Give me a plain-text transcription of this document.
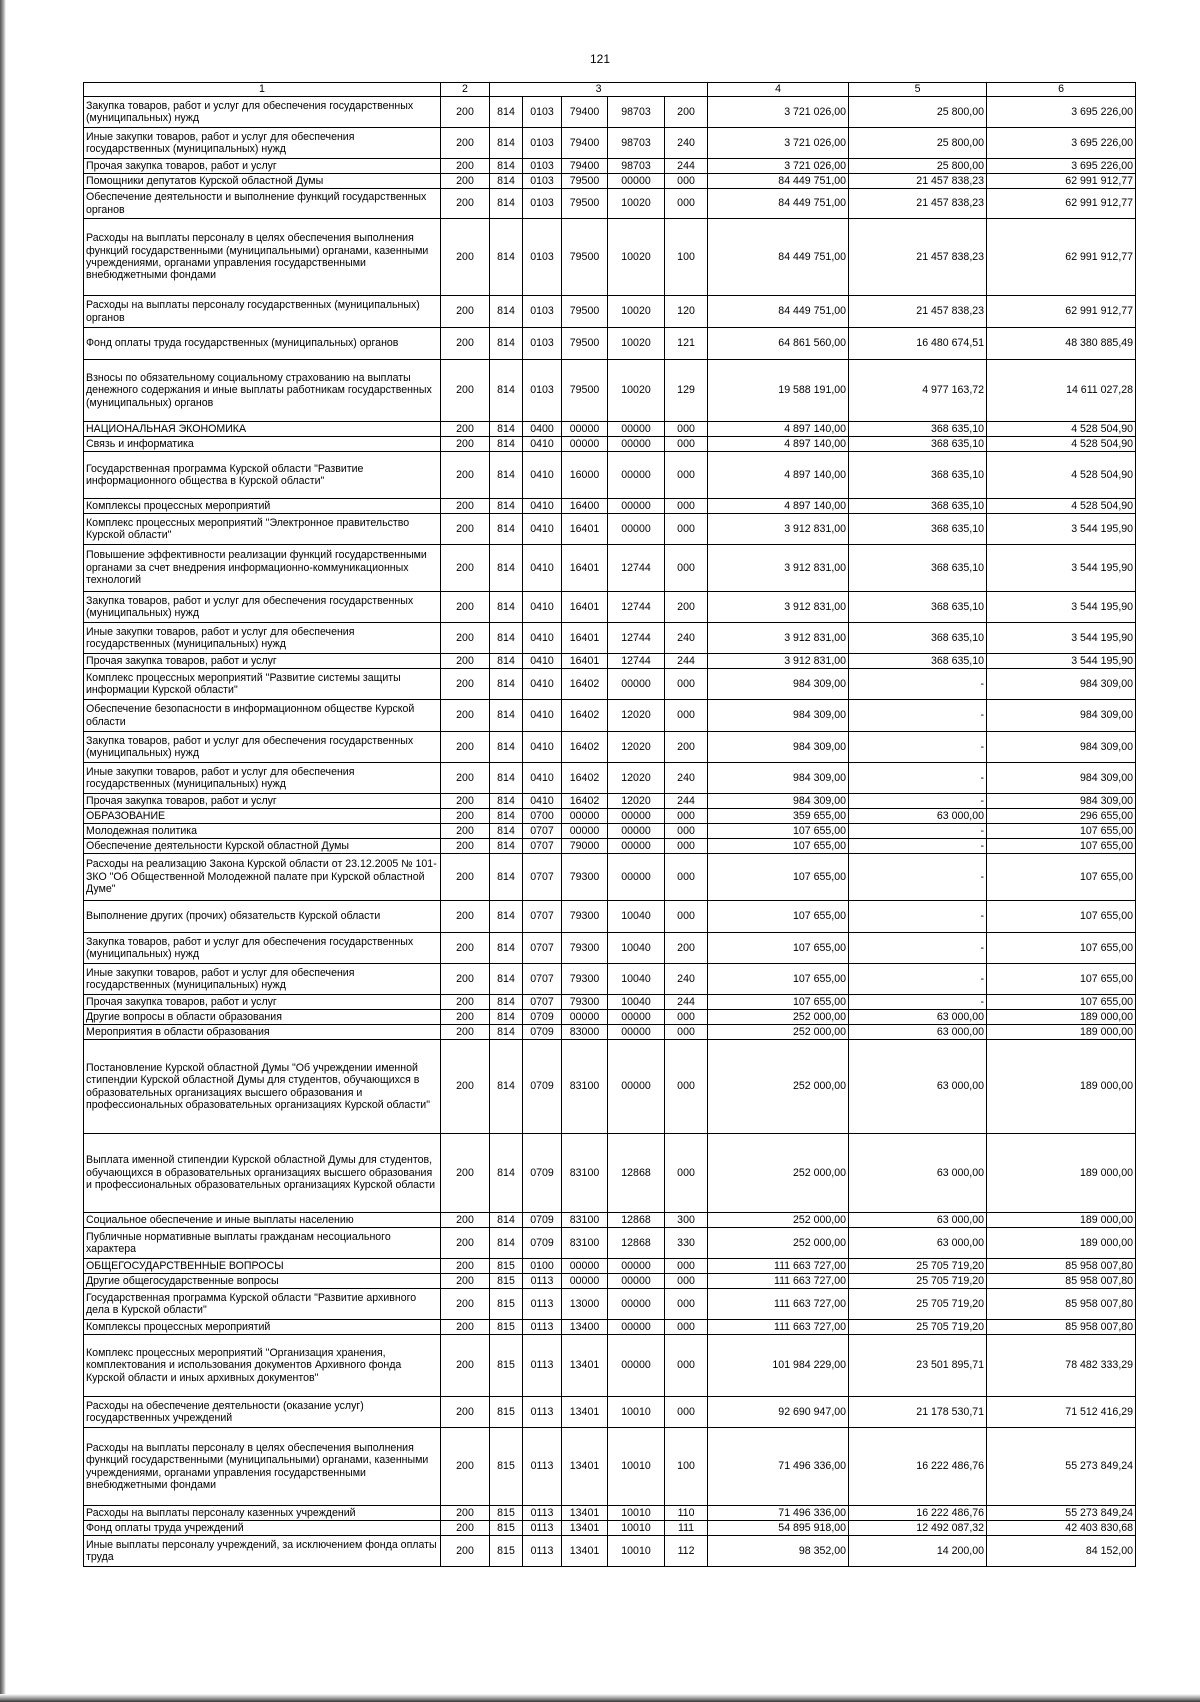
121
1	2	3					4	5	6
Закупка товаров, работ и услуг для обеспечения государственных (муниципальных) нужд	200	814	0103	79400	98703	200	3 721 026,00	25 800,00	3 695 226,00
Иные закупки товаров, работ и услуг для обеспечения государственных (муниципальных) нужд	200	814	0103	79400	98703	240	3 721 026,00	25 800,00	3 695 226,00
Прочая закупка товаров, работ и услуг	200	814	0103	79400	98703	244	3 721 026,00	25 800,00	3 695 226,00
Помощники депутатов Курской областной Думы	200	814	0103	79500	00000	000	84 449 751,00	21 457 838,23	62 991 912,77
Обеспечение деятельности и выполнение функций государственных органов	200	814	0103	79500	10020	000	84 449 751,00	21 457 838,23	62 991 912,77
Расходы на выплаты персоналу в целях обеспечения выполнения функций государственными (муниципальными) органами, казенными учреждениями, органами управления государственными внебюджетными фондами	200	814	0103	79500	10020	100	84 449 751,00	21 457 838,23	62 991 912,77
Расходы на выплаты персоналу государственных (муниципальных) органов	200	814	0103	79500	10020	120	84 449 751,00	21 457 838,23	62 991 912,77
Фонд оплаты труда государственных (муниципальных) органов	200	814	0103	79500	10020	121	64 861 560,00	16 480 674,51	48 380 885,49
Взносы по обязательному социальному страхованию на выплаты денежного содержания и иные выплаты работникам государственных (муниципальных) органов	200	814	0103	79500	10020	129	19 588 191,00	4 977 163,72	14 611 027,28
НАЦИОНАЛЬНАЯ ЭКОНОМИКА	200	814	0400	00000	00000	000	4 897 140,00	368 635,10	4 528 504,90
Связь и информатика	200	814	0410	00000	00000	000	4 897 140,00	368 635,10	4 528 504,90
Государственная программа Курской области "Развитие информационного общества в Курской области"	200	814	0410	16000	00000	000	4 897 140,00	368 635,10	4 528 504,90
Комплексы процессных мероприятий	200	814	0410	16400	00000	000	4 897 140,00	368 635,10	4 528 504,90
Комплекс процессных мероприятий "Электронное правительство Курской области"	200	814	0410	16401	00000	000	3 912 831,00	368 635,10	3 544 195,90
Повышение эффективности реализации функций государственными органами за счет внедрения информационно-коммуникационных технологий	200	814	0410	16401	12744	000	3 912 831,00	368 635,10	3 544 195,90
Закупка товаров, работ и услуг для обеспечения государственных (муниципальных) нужд	200	814	0410	16401	12744	200	3 912 831,00	368 635,10	3 544 195,90
Иные закупки товаров, работ и услуг для обеспечения государственных (муниципальных) нужд	200	814	0410	16401	12744	240	3 912 831,00	368 635,10	3 544 195,90
Прочая закупка товаров, работ и услуг	200	814	0410	16401	12744	244	3 912 831,00	368 635,10	3 544 195,90
Комплекс процессных мероприятий "Развитие системы защиты информации Курской области"	200	814	0410	16402	00000	000	984 309,00	-	984 309,00
Обеспечение безопасности в информационном обществе Курской области	200	814	0410	16402	12020	000	984 309,00	-	984 309,00
Закупка товаров, работ и услуг для обеспечения государственных (муниципальных) нужд	200	814	0410	16402	12020	200	984 309,00	-	984 309,00
Иные закупки товаров, работ и услуг для обеспечения государственных (муниципальных) нужд	200	814	0410	16402	12020	240	984 309,00	-	984 309,00
Прочая закупка товаров, работ и услуг	200	814	0410	16402	12020	244	984 309,00	-	984 309,00
ОБРАЗОВАНИЕ	200	814	0700	00000	00000	000	359 655,00	63 000,00	296 655,00
Молодежная политика	200	814	0707	00000	00000	000	107 655,00	-	107 655,00
Обеспечение деятельности Курской областной Думы	200	814	0707	79000	00000	000	107 655,00	-	107 655,00
Расходы на реализацию Закона Курской области от 23.12.2005 № 101-ЗКО "Об Общественной Молодежной палате при Курской областной Думе"	200	814	0707	79300	00000	000	107 655,00	-	107 655,00
Выполнение других (прочих) обязательств Курской области	200	814	0707	79300	10040	000	107 655,00	-	107 655,00
Закупка товаров, работ и услуг для обеспечения государственных (муниципальных) нужд	200	814	0707	79300	10040	200	107 655,00	-	107 655,00
Иные закупки товаров, работ и услуг для обеспечения государственных (муниципальных) нужд	200	814	0707	79300	10040	240	107 655,00	-	107 655,00
Прочая закупка товаров, работ и услуг	200	814	0707	79300	10040	244	107 655,00	-	107 655,00
Другие вопросы в области образования	200	814	0709	00000	00000	000	252 000,00	63 000,00	189 000,00
Мероприятия в области образования	200	814	0709	83000	00000	000	252 000,00	63 000,00	189 000,00
Постановление Курской областной Думы "Об учреждении именной стипендии Курской областной Думы для студентов, обучающихся в образовательных организациях высшего образования и профессиональных образовательных организациях Курской области"	200	814	0709	83100	00000	000	252 000,00	63 000,00	189 000,00
Выплата именной стипендии Курской областной Думы для студентов, обучающихся в образовательных организациях высшего образования и профессиональных образовательных организациях Курской области	200	814	0709	83100	12868	000	252 000,00	63 000,00	189 000,00
Социальное обеспечение и иные выплаты населению	200	814	0709	83100	12868	300	252 000,00	63 000,00	189 000,00
Публичные нормативные выплаты гражданам несоциального характера	200	814	0709	83100	12868	330	252 000,00	63 000,00	189 000,00
ОБЩЕГОСУДАРСТВЕННЫЕ ВОПРОСЫ	200	815	0100	00000	00000	000	111 663 727,00	25 705 719,20	85 958 007,80
Другие общегосударственные вопросы	200	815	0113	00000	00000	000	111 663 727,00	25 705 719,20	85 958 007,80
Государственная программа Курской области "Развитие архивного дела в Курской области"	200	815	0113	13000	00000	000	111 663 727,00	25 705 719,20	85 958 007,80
Комплексы процессных мероприятий	200	815	0113	13400	00000	000	111 663 727,00	25 705 719,20	85 958 007,80
Комплекс процессных мероприятий "Организация хранения, комплектования и использования документов Архивного фонда Курской области и иных архивных документов"	200	815	0113	13401	00000	000	101 984 229,00	23 501 895,71	78 482 333,29
Расходы на обеспечение деятельности (оказание услуг) государственных учреждений	200	815	0113	13401	10010	000	92 690 947,00	21 178 530,71	71 512 416,29
Расходы на выплаты персоналу в целях обеспечения выполнения функций государственными (муниципальными) органами, казенными учреждениями, органами управления государственными внебюджетными фондами	200	815	0113	13401	10010	100	71 496 336,00	16 222 486,76	55 273 849,24
Расходы на выплаты персоналу казенных учреждений	200	815	0113	13401	10010	110	71 496 336,00	16 222 486,76	55 273 849,24
Фонд оплаты труда учреждений	200	815	0113	13401	10010	111	54 895 918,00	12 492 087,32	42 403 830,68
Иные выплаты персоналу учреждений, за исключением фонда оплаты труда	200	815	0113	13401	10010	112	98 352,00	14 200,00	84 152,00
